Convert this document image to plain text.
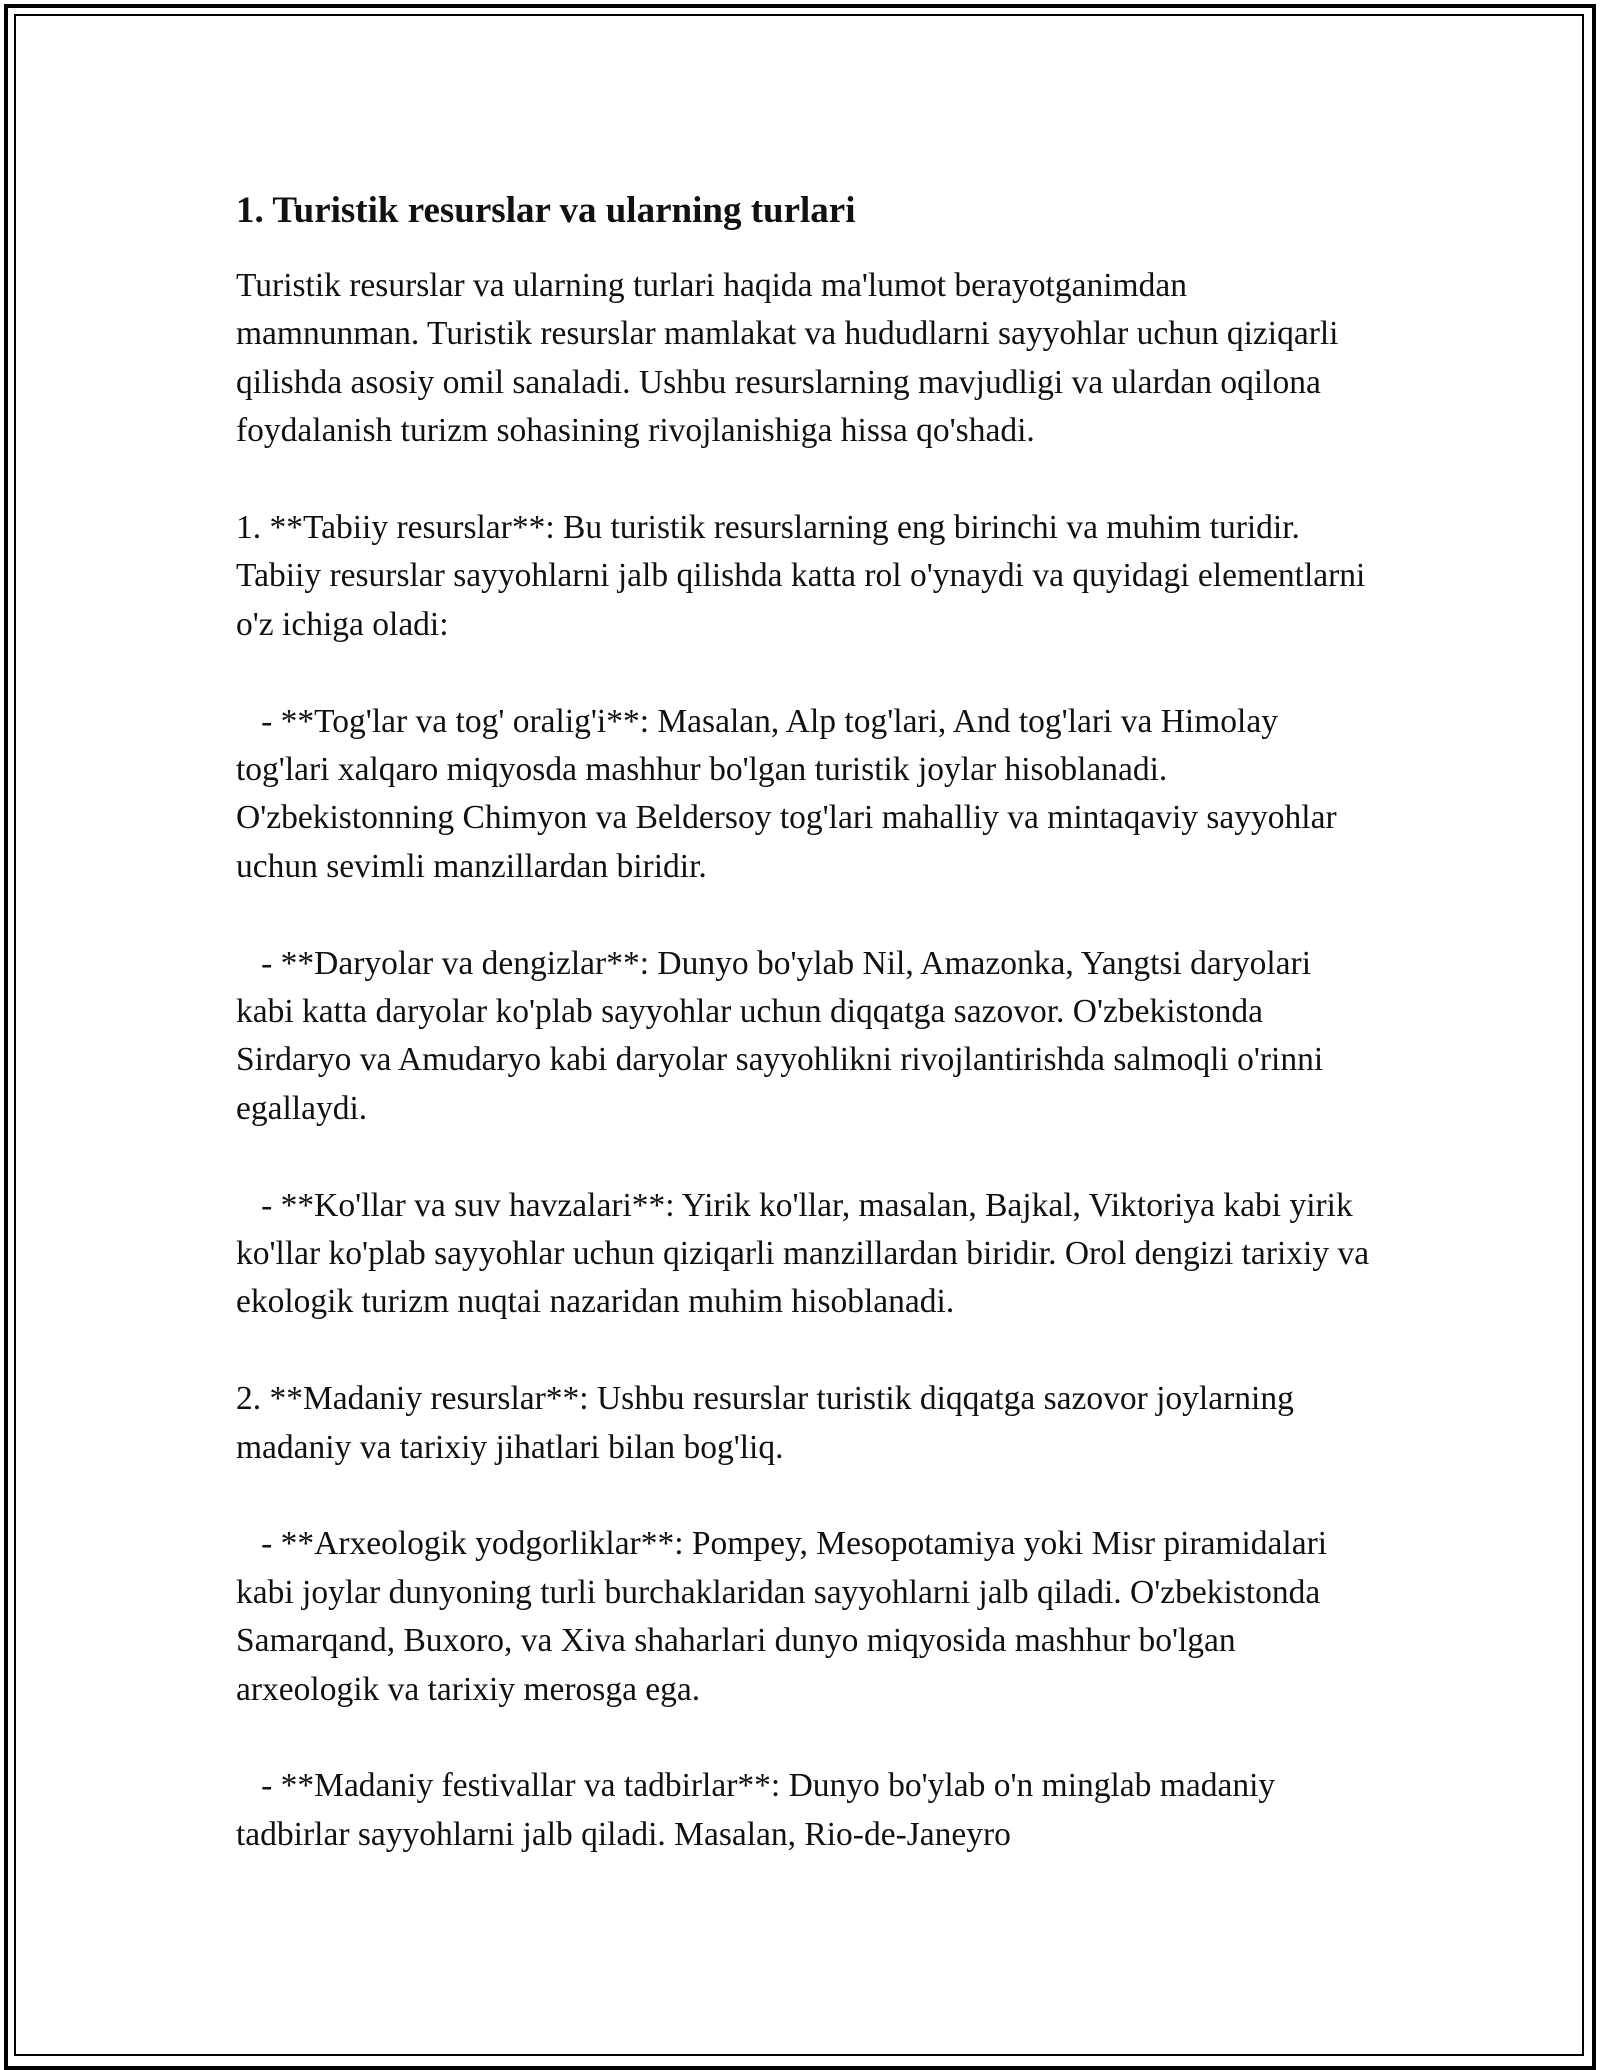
1. Turistik resurslar va ularning turlari

Turistik resurslar va ularning turlari haqida ma'lumot berayotganimdan mamnunman. Turistik resurslar mamlakat va hududlarni sayyohlar uchun qiziqarli qilishda asosiy omil sanaladi. Ushbu resurslarning mavjudligi va ulardan oqilona foydalanish turizm sohasining rivojlanishiga hissa qo'shadi.

1. **Tabiiy resurslar**: Bu turistik resurslarning eng birinchi va muhim turidir. Tabiiy resurslar sayyohlarni jalb qilishda katta rol o'ynaydi va quyidagi elementlarni o'z ichiga oladi:

- **Tog'lar va tog' oralig'i**: Masalan, Alp tog'lari, And tog'lari va Himolay tog'lari xalqaro miqyosda mashhur bo'lgan turistik joylar hisoblanadi. O'zbekistonning Chimyon va Beldersoy tog'lari mahalliy va mintaqaviy sayyohlar uchun sevimli manzillardan biridir.

- **Daryolar va dengizlar**: Dunyo bo'ylab Nil, Amazonka, Yangtsi daryolari kabi katta daryolar ko'plab sayyohlar uchun diqqatga sazovor. O'zbekistonda Sirdaryo va Amudaryo kabi daryolar sayyohlikni rivojlantirishda salmoqli o'rinni egallaydi.

- **Ko'llar va suv havzalari**: Yirik ko'llar, masalan, Bajkal, Viktoriya kabi yirik ko'llar ko'plab sayyohlar uchun qiziqarli manzillardan biridir. Orol dengizi tarixiy va ekologik turizm nuqtai nazaridan muhim hisoblanadi.

2. **Madaniy resurslar**: Ushbu resurslar turistik diqqatga sazovor joylarning madaniy va tarixiy jihatlari bilan bog'liq.

- **Arxeologik yodgorliklar**: Pompey, Mesopotamiya yoki Misr piramidalari kabi joylar dunyoning turli burchaklaridan sayyohlarni jalb qiladi. O'zbekistonda Samarqand, Buxoro, va Xiva shaharlari dunyo miqyosida mashhur bo'lgan arxeologik va tarixiy merosga ega.

- **Madaniy festivallar va tadbirlar**: Dunyo bo'ylab o'n minglab madaniy tadbirlar sayyohlarni jalb qiladi. Masalan, Rio-de-Janeyro
